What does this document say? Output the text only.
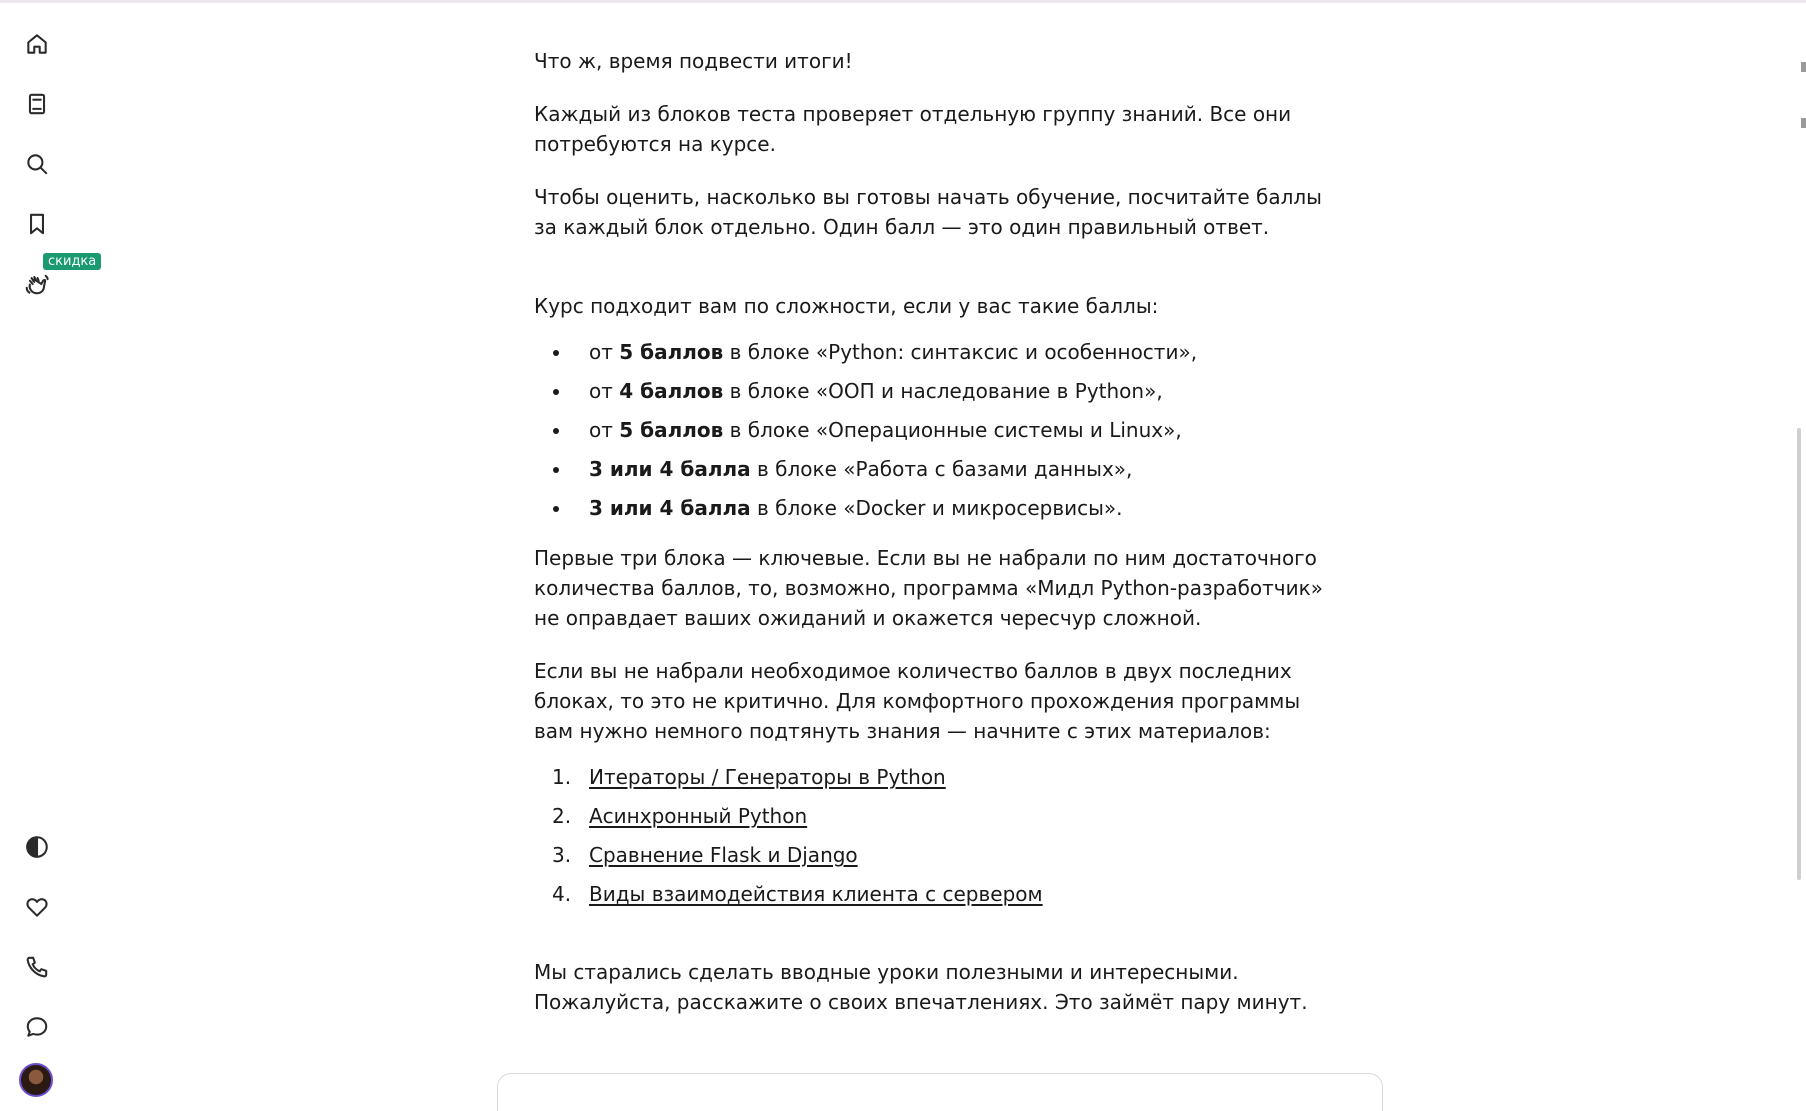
скидка

Что ж, время подвести итоги!

Каждый из блоков теста проверяет отдельную группу знаний. Все они потребуются на курсе.

Чтобы оценить, насколько вы готовы начать обучение, посчитайте баллы за каждый блок отдельно. Один балл — это один правильный ответ.

Курс подходит вам по сложности, если у вас такие баллы:

от 5 баллов в блоке «Python: синтаксис и особенности»,
от 4 баллов в блоке «ООП и наследование в Python»,
от 5 баллов в блоке «Операционные системы и Linux»,
3 или 4 балла в блоке «Работа с базами данных»,
3 или 4 балла в блоке «Docker и микросервисы».

Первые три блока — ключевые. Если вы не набрали по ним достаточного количества баллов, то, возможно, программа «Мидл Python-разработчик» не оправдает ваших ожиданий и окажется чересчур сложной.

Если вы не набрали необходимое количество баллов в двух последних блоках, то это не критично. Для комфортного прохождения программы вам нужно немного подтянуть знания — начните с этих материалов:

1. Итераторы / Генераторы в Python
2. Асинхронный Python
3. Сравнение Flask и Django
4. Виды взаимодействия клиента с сервером

Мы старались сделать вводные уроки полезными и интересными. Пожалуйста, расскажите о своих впечатлениях. Это займёт пару минут.
